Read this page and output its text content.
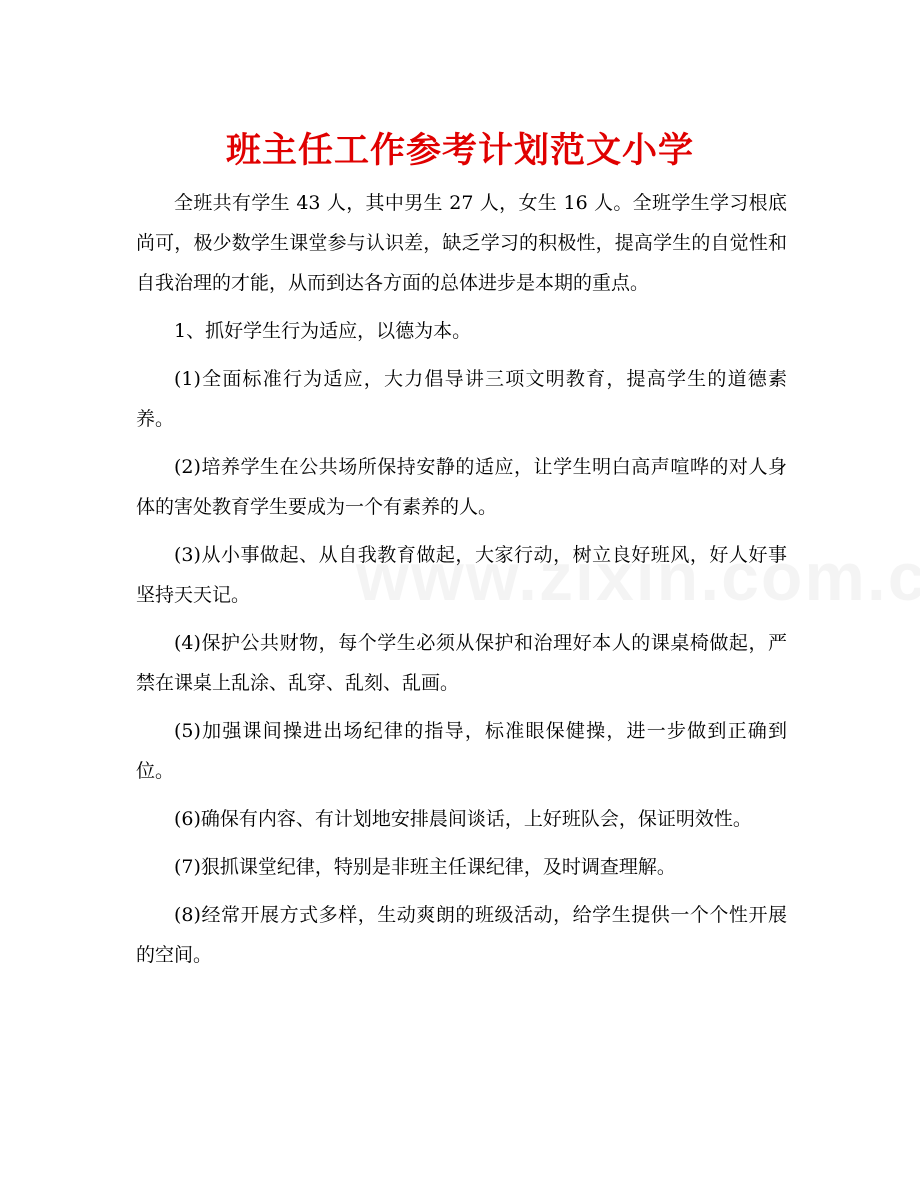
班主任工作参考计划范文小学

全班共有学生 43 人，其中男生 27 人，女生 16 人。全班学生学习根底尚可，极少数学生课堂参与认识差，缺乏学习的积极性，提高学生的自觉性和自我治理的才能，从而到达各方面的总体进步是本期的重点。

1、抓好学生行为适应，以德为本。

(1)全面标准行为适应，大力倡导讲三项文明教育，提高学生的道德素养。

(2)培养学生在公共场所保持安静的适应，让学生明白高声喧哗的对人身体的害处教育学生要成为一个有素养的人。

(3)从小事做起、从自我教育做起，大家行动，树立良好班风，好人好事坚持天天记。

(4)保护公共财物，每个学生必须从保护和治理好本人的课桌椅做起，严禁在课桌上乱涂、乱穿、乱刻、乱画。

(5)加强课间操进出场纪律的指导，标准眼保健操，进一步做到正确到位。

(6)确保有内容、有计划地安排晨间谈话，上好班队会，保证明效性。

(7)狠抓课堂纪律，特别是非班主任课纪律，及时调查理解。

(8)经常开展方式多样，生动爽朗的班级活动，给学生提供一个个性开展的空间。
